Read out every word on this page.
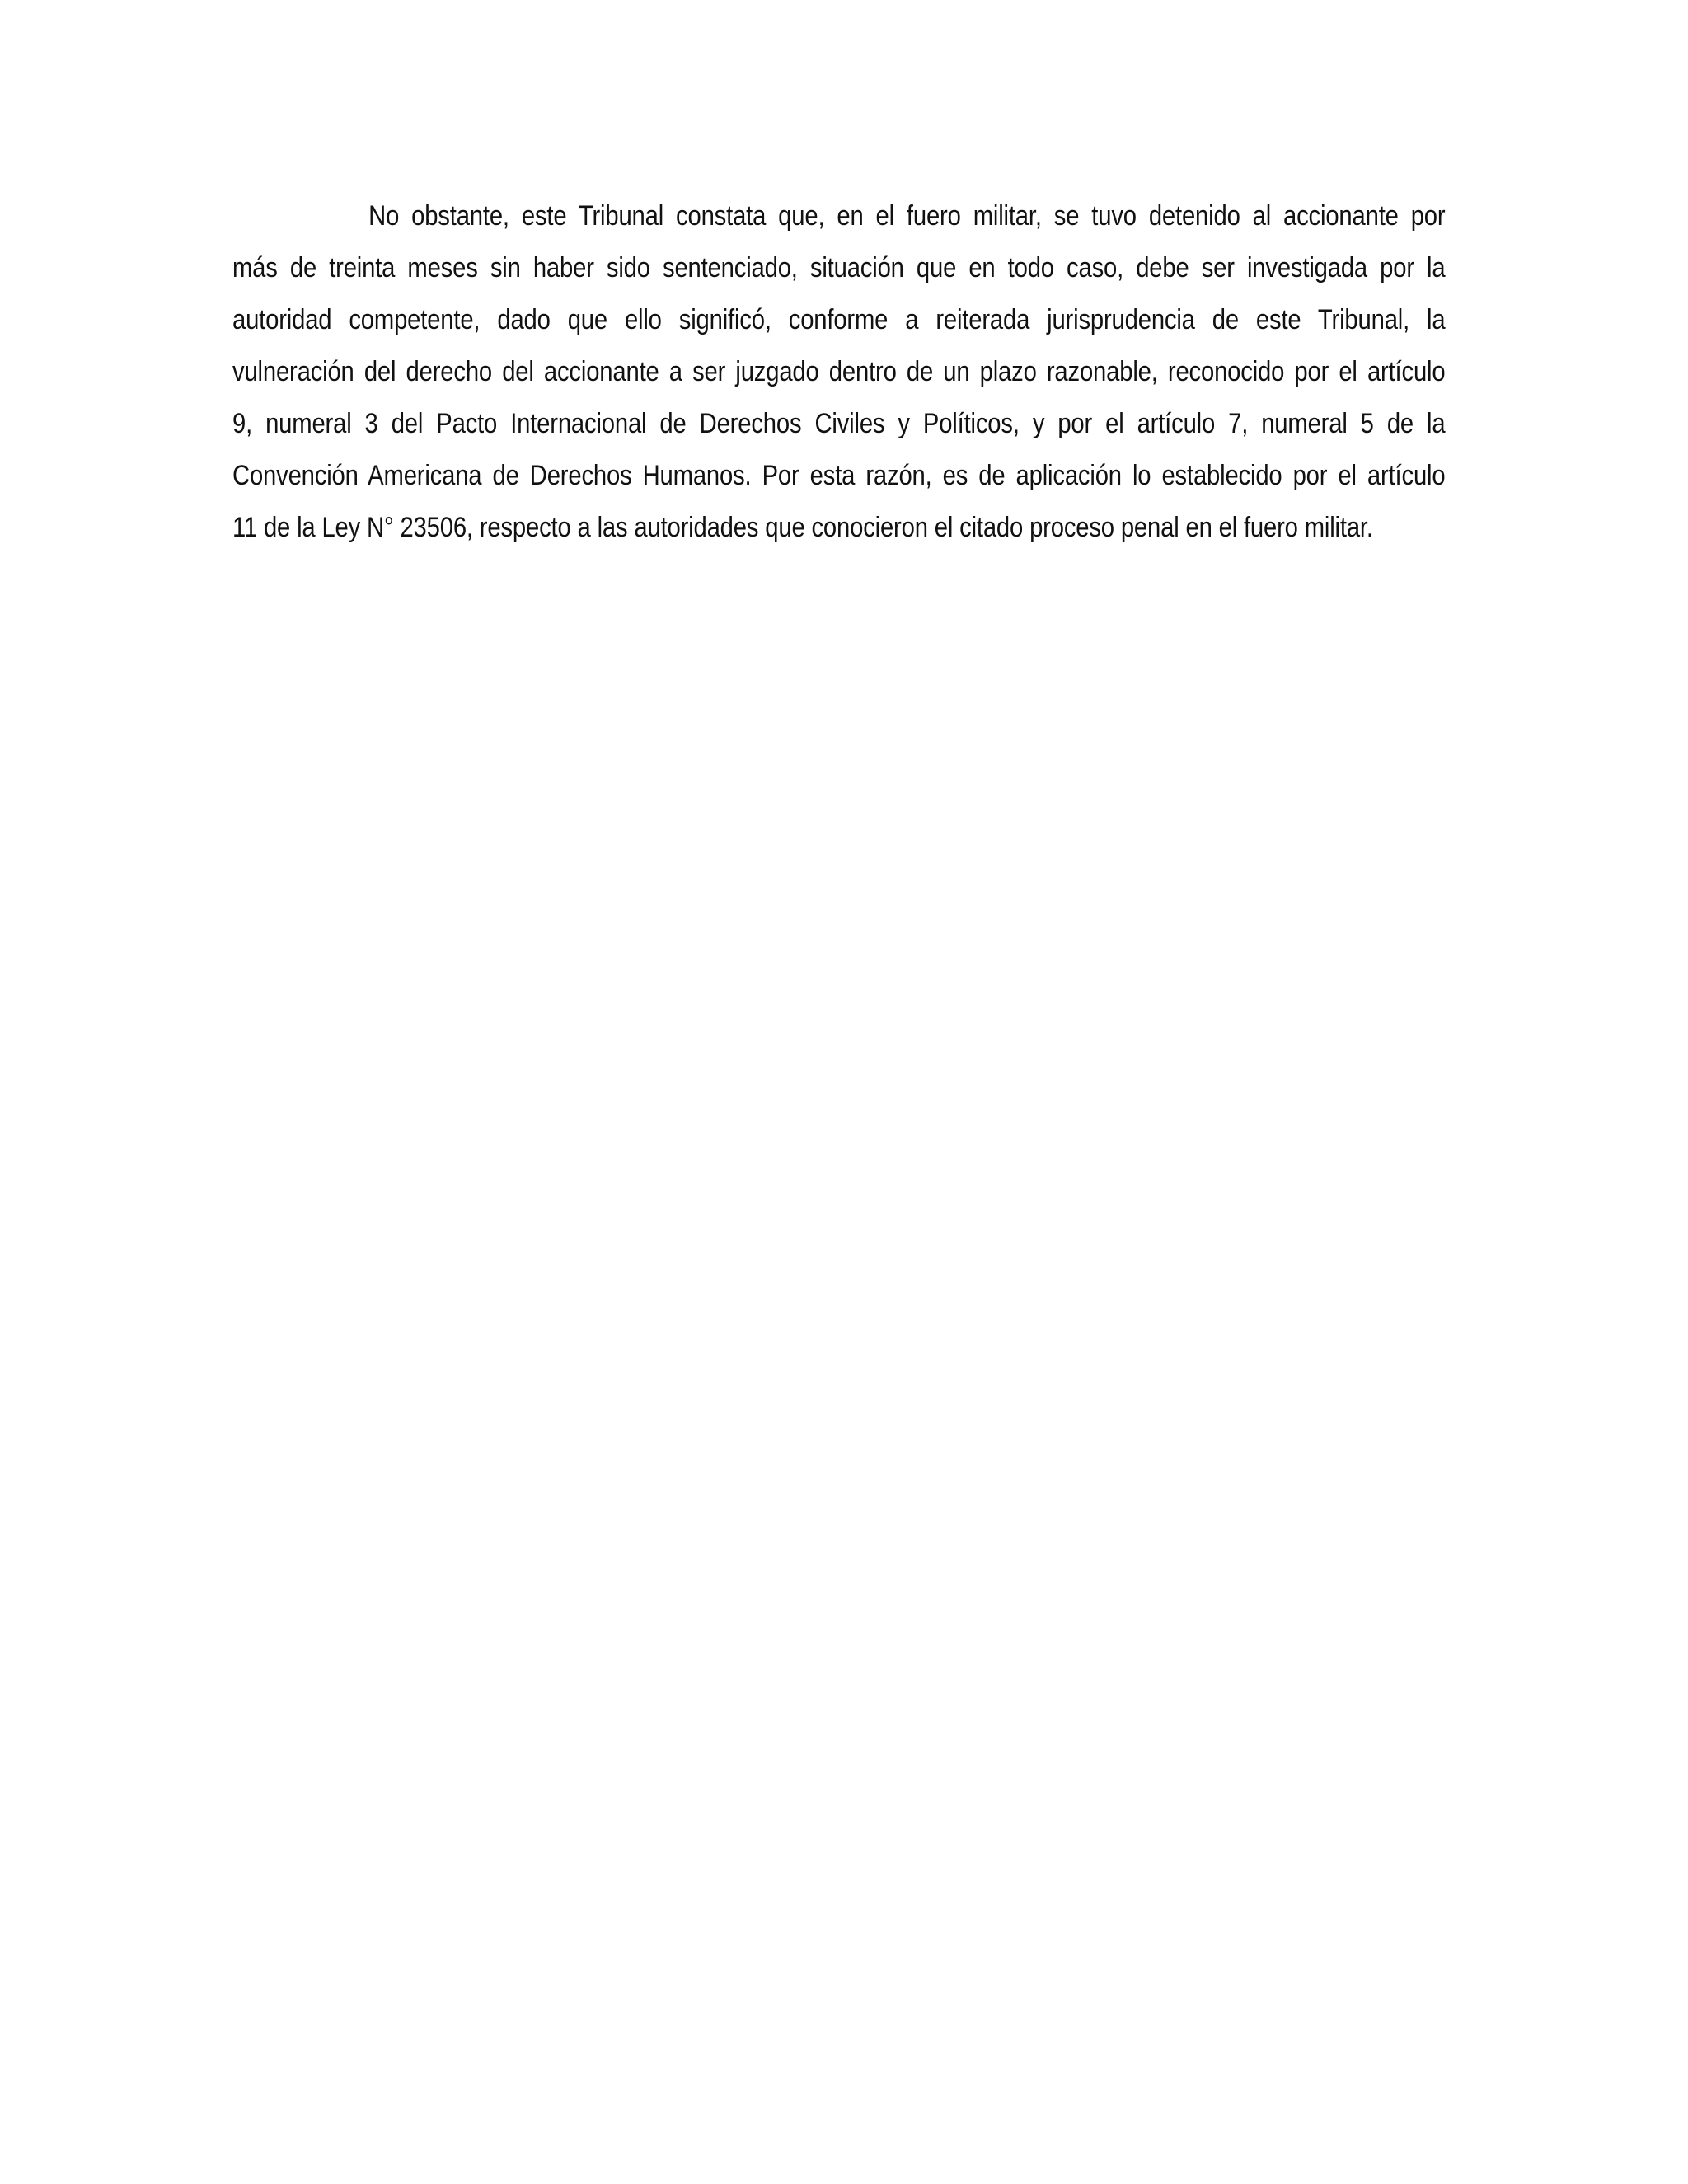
No obstante, este Tribunal constata que, en el fuero militar, se tuvo detenido al accionante por
más de treinta meses sin haber sido sentenciado, situación que en todo caso, debe ser investigada por la
autoridad competente, dado que ello significó, conforme a reiterada jurisprudencia de este Tribunal, la
vulneración del derecho del accionante a ser juzgado dentro de un plazo razonable, reconocido por el artículo
9, numeral 3 del Pacto Internacional de Derechos Civiles y Políticos, y por el artículo 7, numeral 5 de la
Convención Americana de Derechos Humanos. Por esta razón, es de aplicación lo establecido por el artículo
11 de la Ley N° 23506, respecto a las autoridades que conocieron el citado proceso penal en el fuero militar.
